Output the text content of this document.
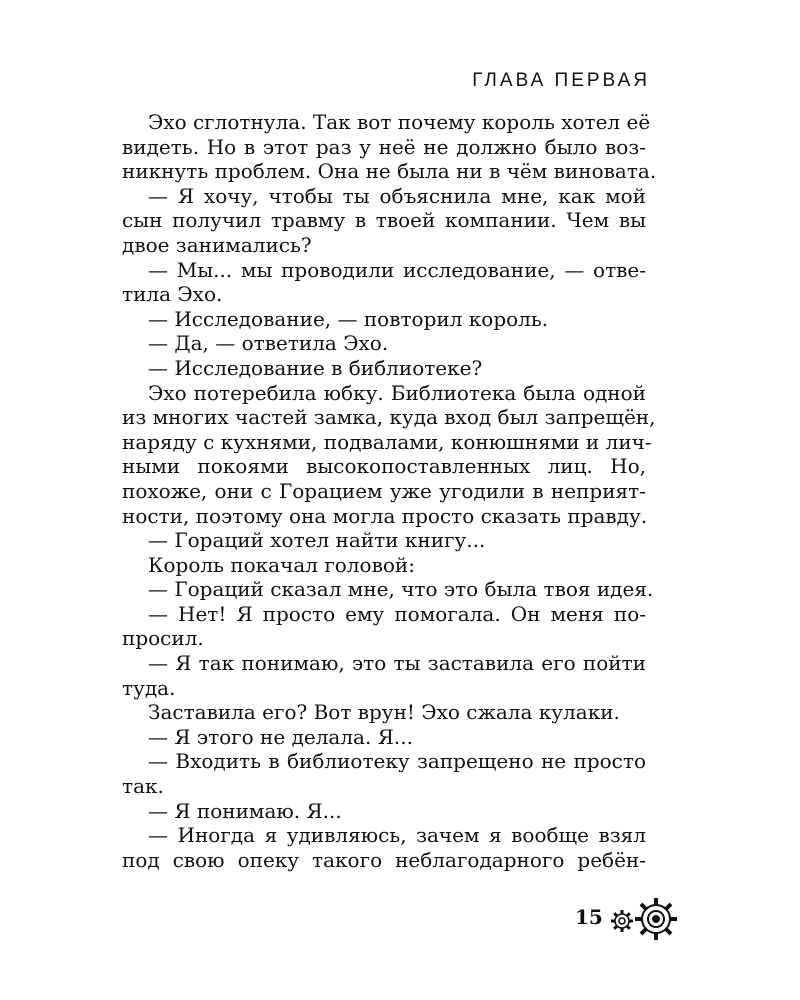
ГЛАВА ПЕРВАЯ
Эхо сглотнула. Так вот почему король хотел её
видеть. Но в этот раз у неё не должно было воз-
никнуть проблем. Она не была ни в чём виновата.
— Я хочу, чтобы ты объяснила мне, как мой
сын получил травму в твоей компании. Чем вы
двое занимались?
— Мы... мы проводили исследование, — отве-
тила Эхо.
— Исследование, — повторил король.
— Да, — ответила Эхо.
— Исследование в библиотеке?
Эхо потеребила юбку. Библиотека была одной
из многих частей замка, куда вход был запрещён,
наряду с кухнями, подвалами, конюшнями и лич-
ными покоями высокопоставленных лиц. Но,
похоже, они с Горацием уже угодили в неприят-
ности, поэтому она могла просто сказать правду.
— Гораций хотел найти книгу...
Король покачал головой:
— Гораций сказал мне, что это была твоя идея.
— Нет! Я просто ему помогала. Он меня по-
просил.
— Я так понимаю, это ты заставила его пойти
туда.
Заставила его? Вот врун! Эхо сжала кулаки.
— Я этого не делала. Я...
— Входить в библиотеку запрещено не просто
так.
— Я понимаю. Я...
— Иногда я удивляюсь, зачем я вообще взял
под свою опеку такого неблагодарного ребён-
15
